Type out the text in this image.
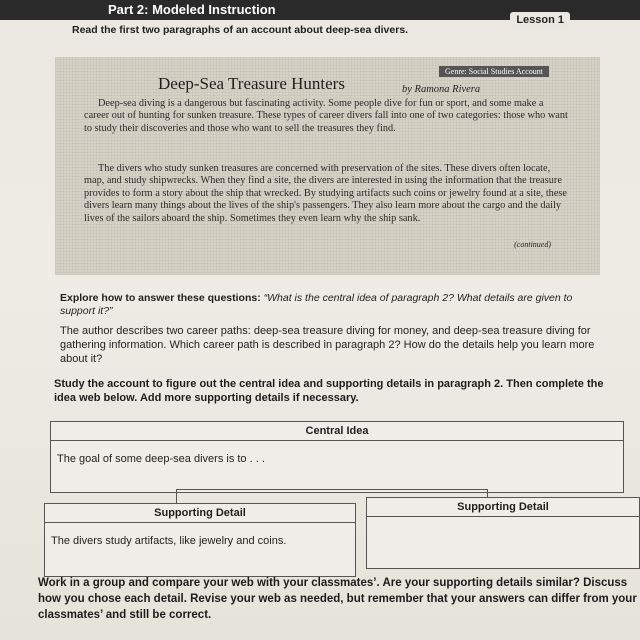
Part 2: Modeled Instruction
Lesson 1
Read the first two paragraphs of an account about deep-sea divers.
Genre: Social Studies Account
Deep-Sea Treasure Hunters	by Ramona Rivera

Deep-sea diving is a dangerous but fascinating activity. Some people dive for fun or sport, and some make a career out of hunting for sunken treasure. These types of career divers fall into one of two categories: those who want to study their discoveries and those who want to sell the treasures they find.

The divers who study sunken treasures are concerned with preservation of the sites. These divers often locate, map, and study shipwrecks. When they find a site, the divers are interested in using the information that the treasure provides to form a story about the ship that wrecked. By studying artifacts such coins or jewelry found at a site, these divers learn many things about the lives of the ship's passengers. They also learn more about the cargo and the daily lives of the sailors aboard the ship. Sometimes they even learn why the ship sank.

(continued)
Explore how to answer these questions: “What is the central idea of paragraph 2? What details are given to support it?”
The author describes two career paths: deep-sea treasure diving for money, and deep-sea treasure diving for gathering information. Which career path is described in paragraph 2? How do the details help you learn more about it?
Study the account to figure out the central idea and supporting details in paragraph 2. Then complete the idea web below. Add more supporting details if necessary.
Central Idea
The goal of some deep-sea divers is to . . .
Supporting Detail
The divers study artifacts, like jewelry and coins.
Supporting Detail
Work in a group and compare your web with your classmates’. Are your supporting details similar? Discuss how you chose each detail. Revise your web as needed, but remember that your answers can differ from your classmates’ and still be correct.
